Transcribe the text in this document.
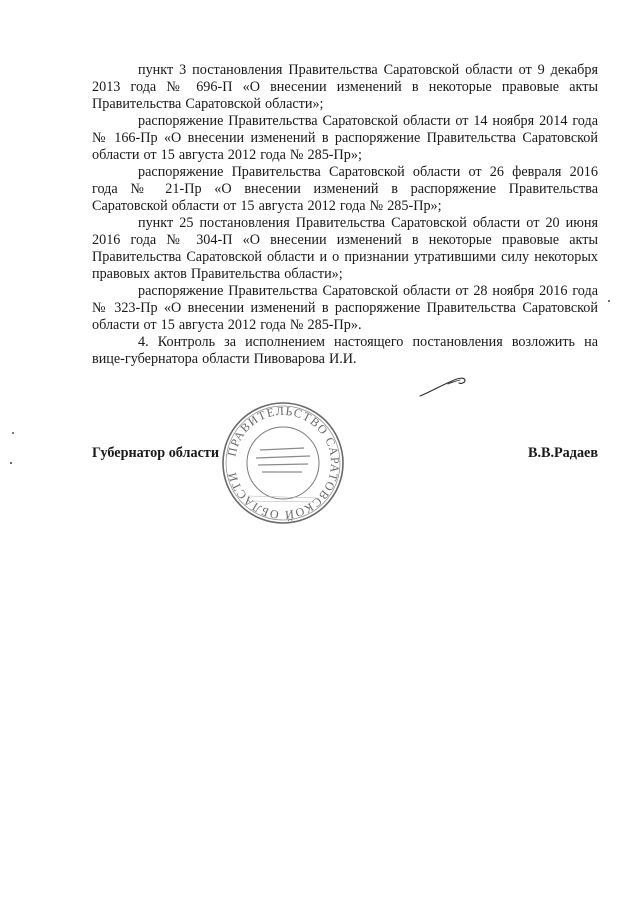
пункт 3 постановления Правительства Саратовской области от 9 декабря 2013 года № 696-П «О внесении изменений в некоторые правовые акты Правительства Саратовской области»;

распоряжение Правительства Саратовской области от 14 ноября 2014 года № 166-Пр «О внесении изменений в распоряжение Правительства Саратовской области от 15 августа 2012 года № 285-Пр»;

распоряжение Правительства Саратовской области от 26 февраля 2016 года № 21-Пр «О внесении изменений в распоряжение Правительства Саратовской области от 15 августа 2012 года № 285-Пр»;

пункт 25 постановления Правительства Саратовской области от 20 июня 2016 года № 304-П «О внесении изменений в некоторые правовые акты Правительства Саратовской области и о признании утратившими силу некоторых правовых актов Правительства области»;

распоряжение Правительства Саратовской области от 28 ноября 2016 года № 323-Пр «О внесении изменений в распоряжение Правительства Саратовской области от 15 августа 2012 года № 285-Пр».

4. Контроль за исполнением настоящего постановления возложить на вице-губернатора области Пивоварова И.И.

ПРАВИТЕЛЬСТВО САРАТОВСКОЙ ОБЛАСТИ
Губернатор области	В.В.Радаев
